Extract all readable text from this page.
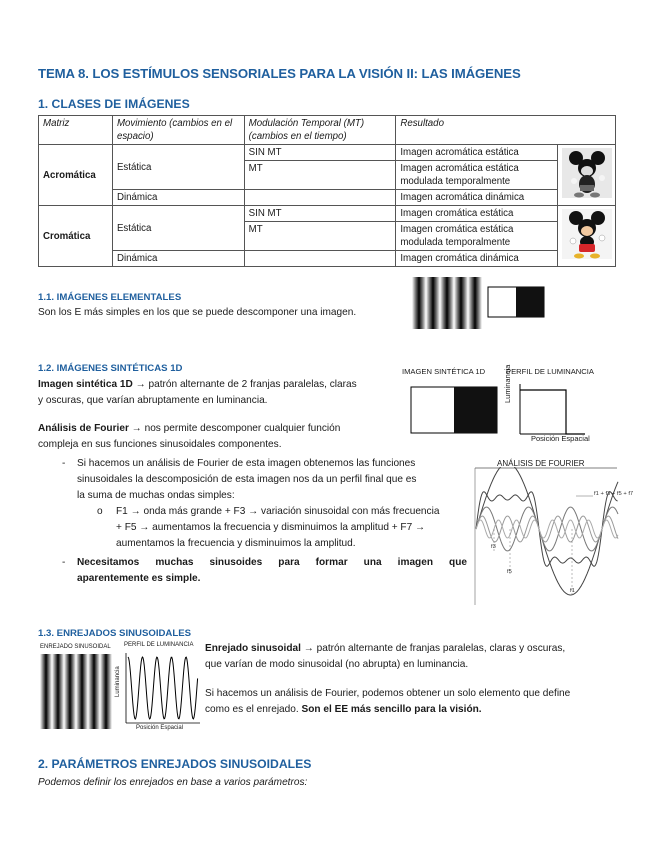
TEMA 8. LOS ESTÍMULOS SENSORIALES PARA LA VISIÓN II: LAS IMÁGENES
1. CLASES DE IMÁGENES
Matriz	Movimiento (cambios en el espacio)	Modulación Temporal (MT) (cambios en el tiempo)	Resultado	
Acromática	Estática	SIN MT	Imagen acromática estática	
		MT	Imagen acromática estática modulada temporalmente	
	Dinámica		Imagen acromática dinámica	
Cromática	Estática	SIN MT	Imagen cromática estática	
		MT	Imagen cromática estática modulada temporalmente	
	Dinámica		Imagen cromática dinámica	
1.1. IMÁGENES ELEMENTALES
Son los E más simples en los que se puede descomponer una imagen.
1.2. IMÁGENES SINTÉTICAS 1D
Imagen sintética 1D → patrón alternante de 2 franjas paralelas, claras
y oscuras, que varían abruptamente en luminancia.
Análisis de Fourier → nos permite descomponer cualquier función
compleja en sus funciones sinusoidales componentes.
- Si hacemos un análisis de Fourier de esta imagen obtenemos las funciones
sinusoidales la descomposición de esta imagen nos da un perfil final que es
la suma de muchas ondas simples:
o F1 → onda más grande + F3 → variación sinusoidal con más frecuencia
+ F5 → aumentamos la frecuencia y disminuimos la amplitud + F7 →
aumentamos la frecuencia y disminuimos la amplitud.
- Necesitamos muchas sinusoides para formar una imagen que
aparentemente es simple.
IMAGEN SINTÉTICA 1D	PERFIL DE LUMINANCIA
Luminancia
Posición Espacial
ANÁLISIS DE FOURIER
f1 + f3 + f5 + f7
f3
f5
f1
1.3. ENREJADOS SINUSOIDALES
ENREJADO SINUSOIDAL PERFIL DE LUMINANCIA
Luminancia
Posición Espacial
Enrejado sinusoidal → patrón alternante de franjas paralelas, claras y oscuras,
que varían de modo sinusoidal (no abrupta) en luminancia.
Si hacemos un análisis de Fourier, podemos obtener un solo elemento que define
como es el enrejado. Son el EE más sencillo para la visión.
2. PARÁMETROS ENREJADOS SINUSOIDALES
Podemos definir los enrejados en base a varios parámetros:
